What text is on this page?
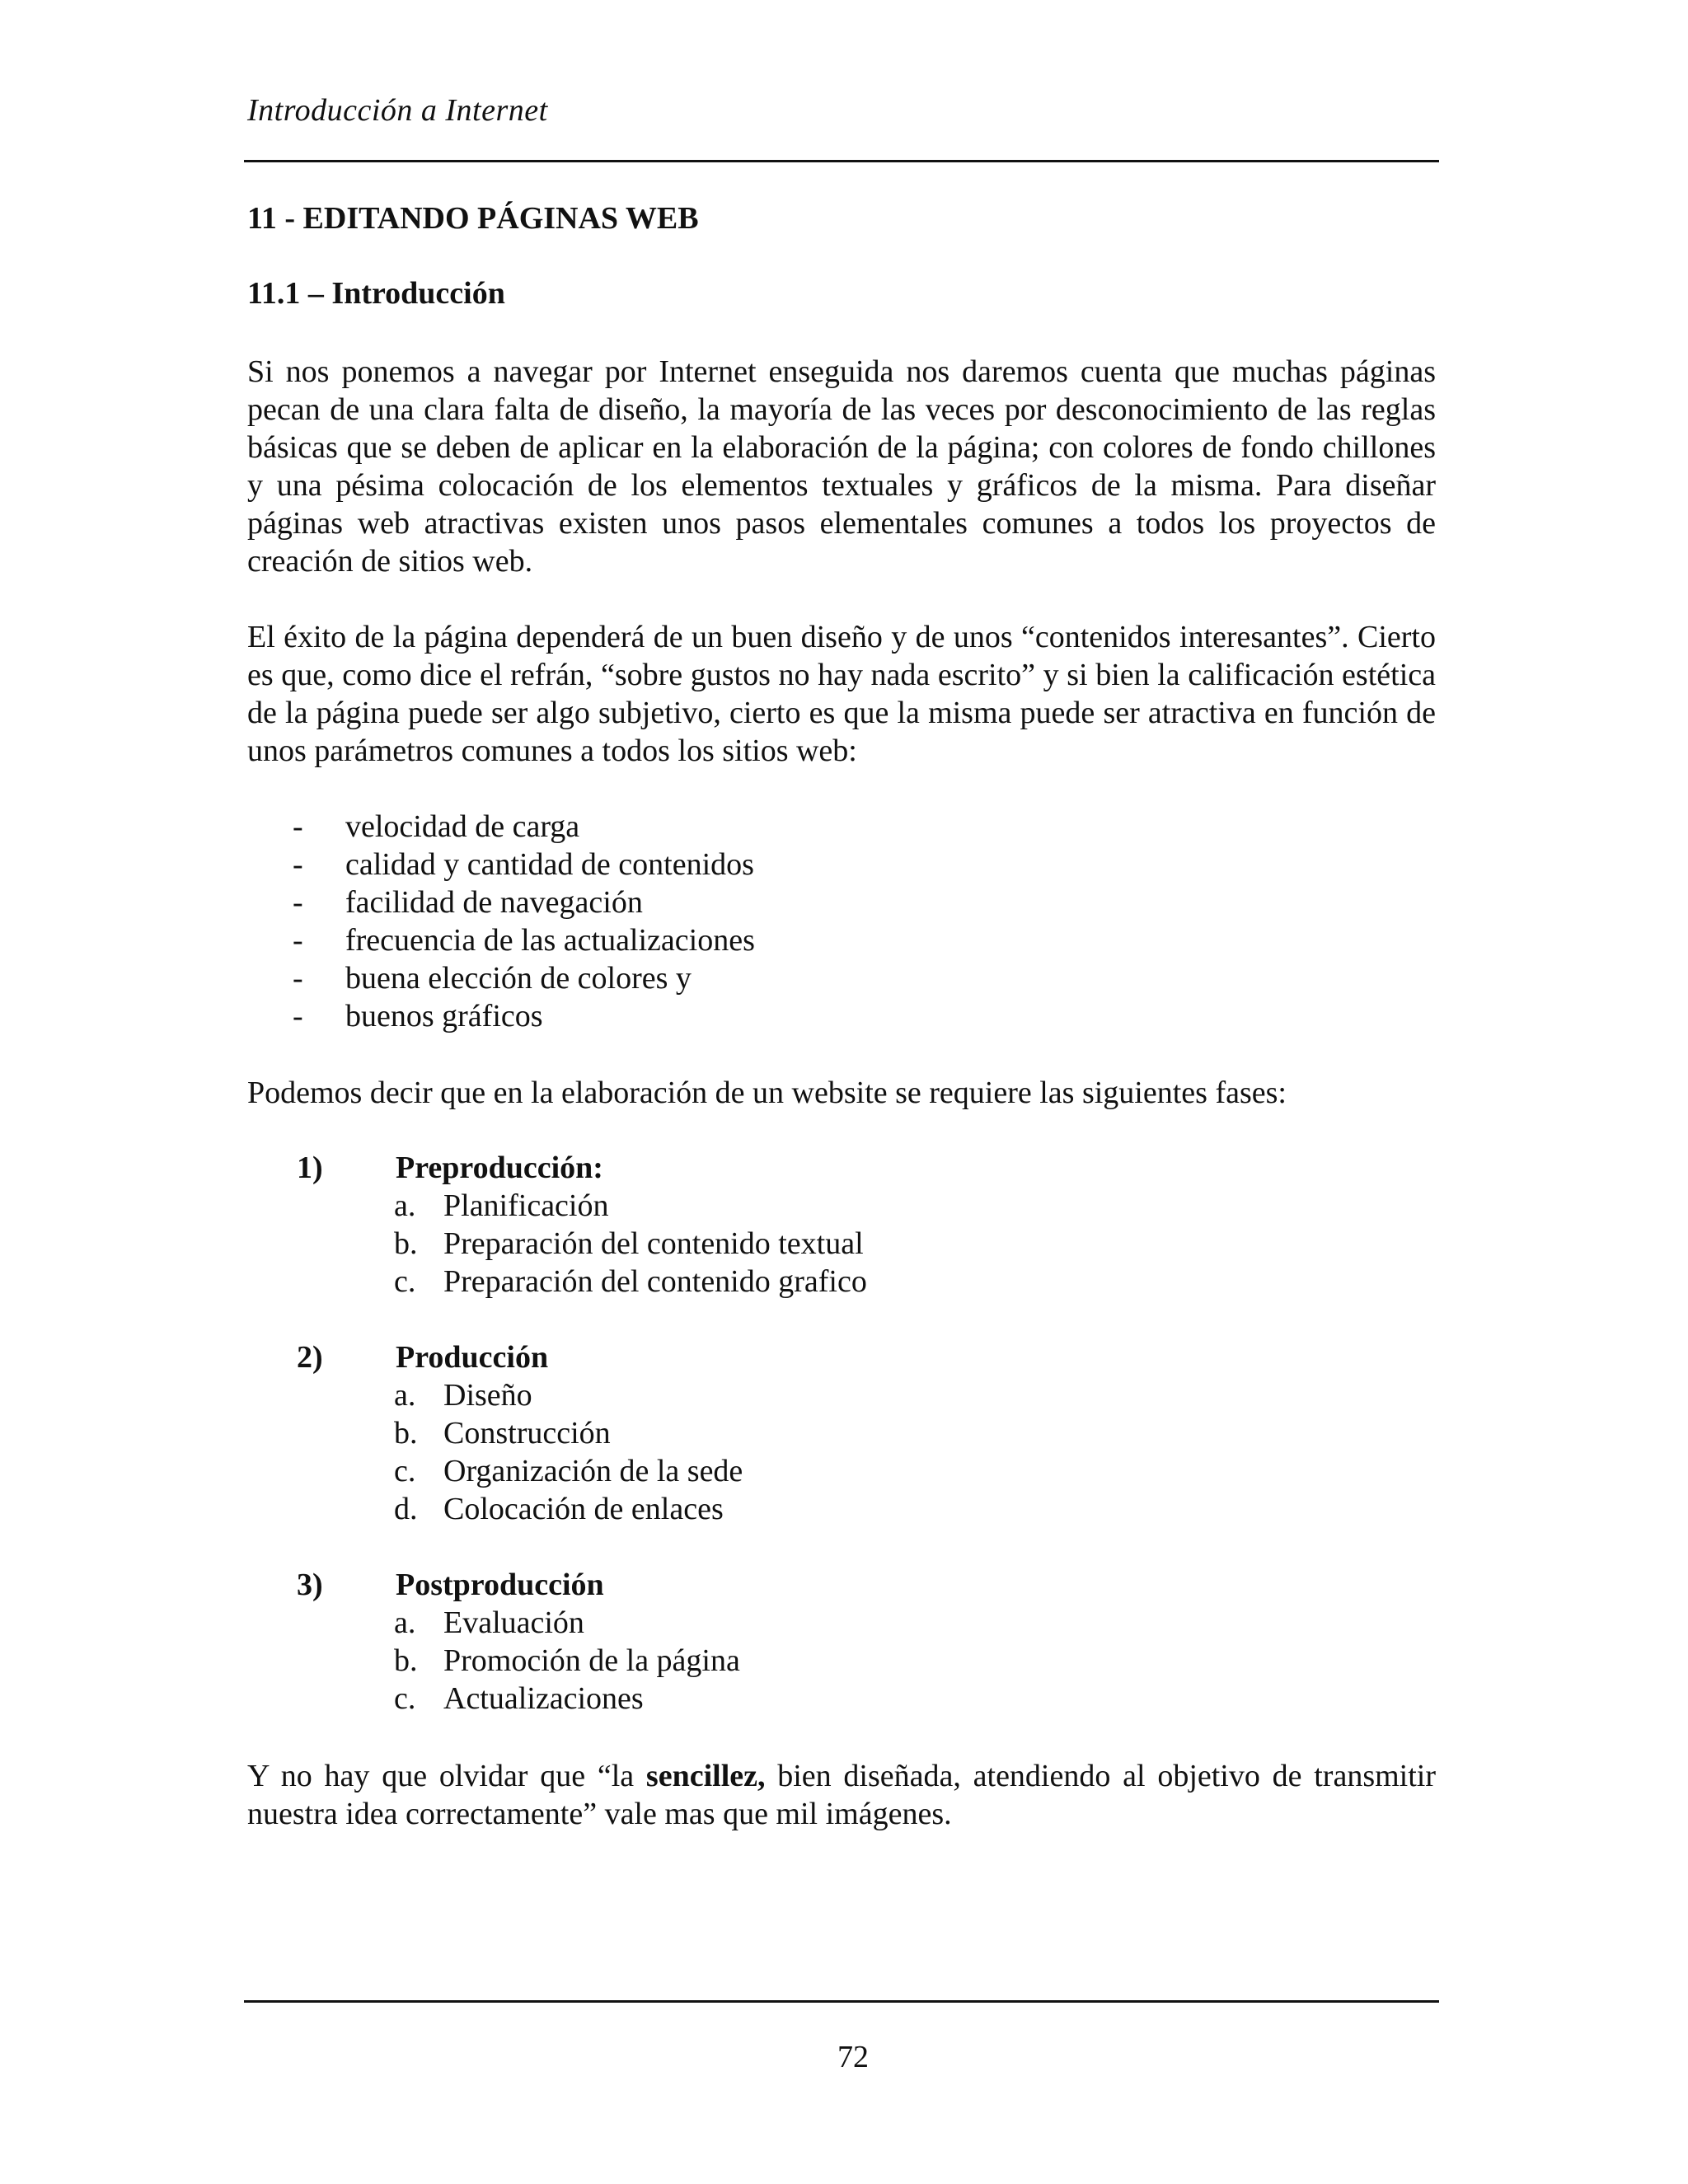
Introducción a Internet
11 - EDITANDO PÁGINAS WEB
11.1 – Introducción

Si nos ponemos a navegar por Internet enseguida nos daremos cuenta que muchas páginas pecan de una clara falta de diseño, la mayoría de las veces por desconocimiento de las reglas básicas que se deben de aplicar en la elaboración de la página; con colores de fondo chillones y una pésima colocación de los elementos textuales y gráficos de la misma. Para diseñar páginas web atractivas existen unos pasos elementales comunes a todos los proyectos de creación de sitios web.

El éxito de la página dependerá de un buen diseño y de unos “contenidos interesantes”. Cierto es que, como dice el refrán, “sobre gustos no hay nada escrito” y si bien la calificación estética de la página puede ser algo subjetivo, cierto es que la misma puede ser atractiva en función de unos parámetros comunes a todos los sitios web:

- velocidad de carga
- calidad y cantidad de contenidos
- facilidad de navegación
- frecuencia de las actualizaciones
- buena elección de colores y
- buenos gráficos

Podemos decir que en la elaboración de un website se requiere las siguientes fases:

1) Preproducción:
a. Planificación
b. Preparación del contenido textual
c. Preparación del contenido grafico
2) Producción
a. Diseño
b. Construcción
c. Organización de la sede
d. Colocación de enlaces
3) Postproducción
a. Evaluación
b. Promoción de la página
c. Actualizaciones

Y no hay que olvidar que “la sencillez, bien diseñada, atendiendo al objetivo de transmitir nuestra idea correctamente” vale mas que mil imágenes.

72
